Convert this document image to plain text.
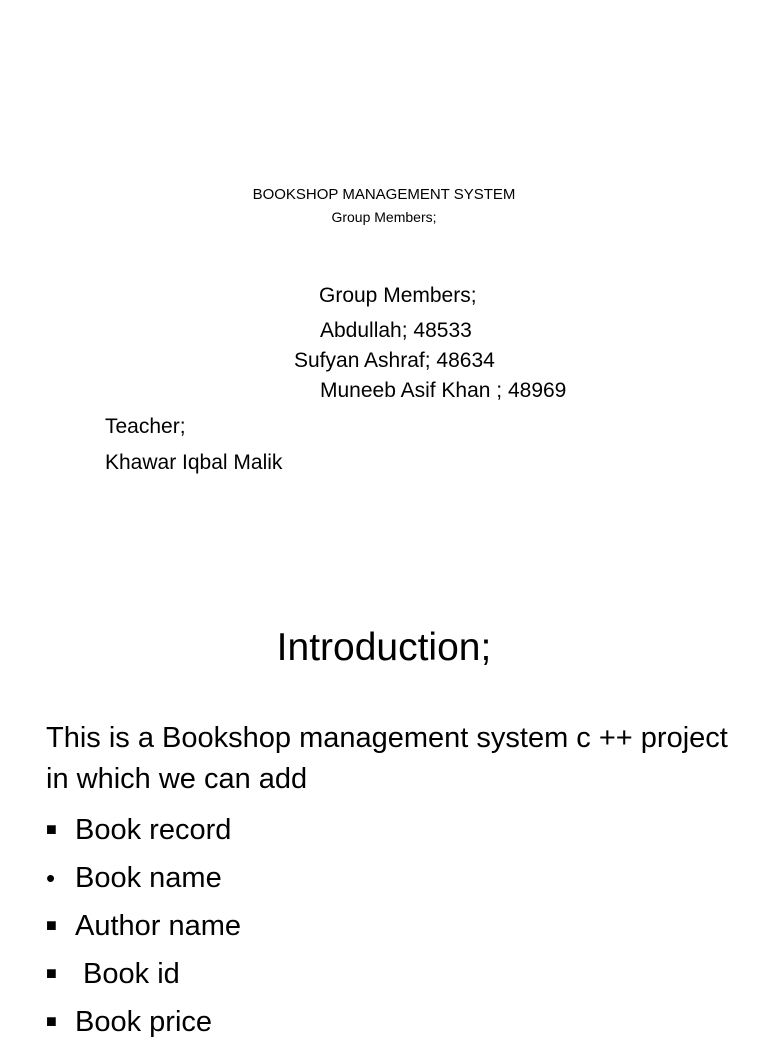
BOOKSHOP MANAGEMENT SYSTEM
Group Members;
Group Members;
Abdullah; 48533
Sufyan Ashraf; 48634
Muneeb Asif Khan ; 48969
Teacher;
Khawar Iqbal Malik
Introduction;
This is a Bookshop management system c ++ project in which we can add
■
Book record
•
Book name
■
Author name
■
Book id
■
Book price
